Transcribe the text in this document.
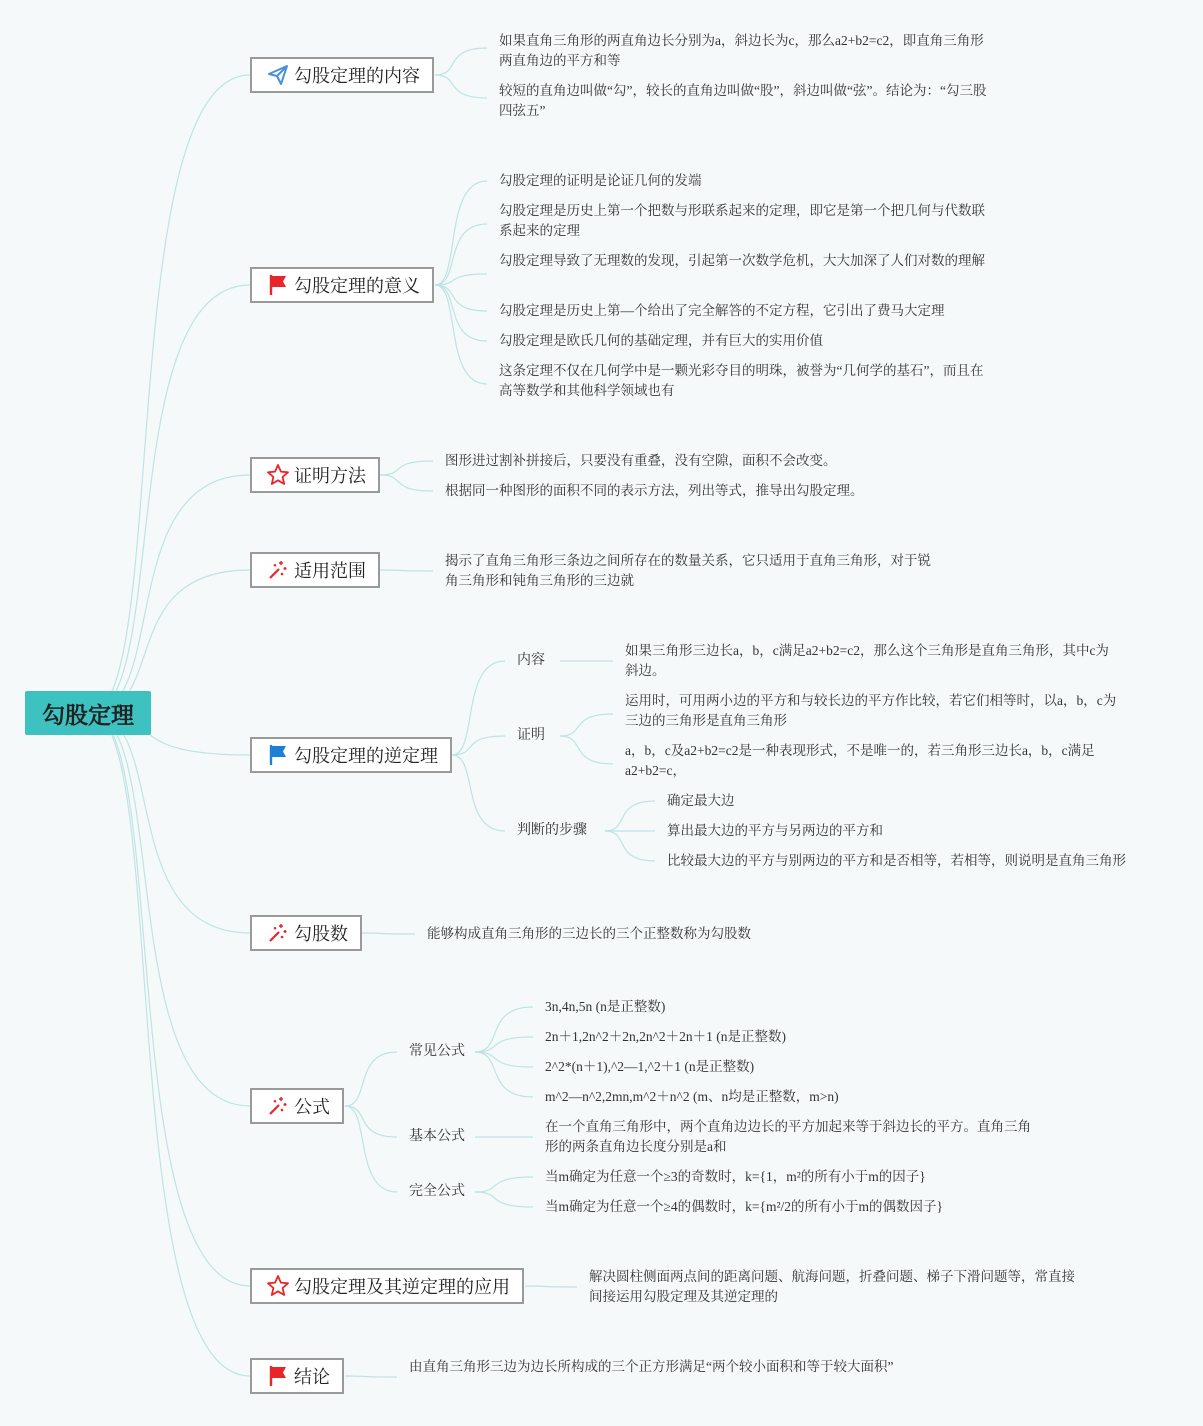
勾股定理
勾股定理的内容
如果直角三角形的两直角边长分别为a，斜边长为c，那么a2+b2=c2，即直角三角形两直角边的平方和等
较短的直角边叫做“勾”，较长的直角边叫做“股”，斜边叫做“弦”。结论为：“勾三股四弦五”
勾股定理的意义
勾股定理的证明是论证几何的发端
勾股定理是历史上第一个把数与形联系起来的定理，即它是第一个把几何与代数联系起来的定理
勾股定理导致了无理数的发现，引起第一次数学危机，大大加深了人们对数的理解
勾股定理是历史上第—个给出了完全解答的不定方程，它引出了费马大定理
勾股定理是欧氏几何的基础定理，并有巨大的实用价值
这条定理不仅在几何学中是一颗光彩夺目的明珠，被誉为“几何学的基石”，而且在高等数学和其他科学领域也有
证明方法
图形进过割补拼接后，只要没有重叠，没有空隙，面积不会改变。
根据同一种图形的面积不同的表示方法，列出等式，推导出勾股定理。
适用范围
揭示了直角三角形三条边之间所存在的数量关系，它只适用于直角三角形，对于锐角三角形和钝角三角形的三边就
勾股定理的逆定理
内容
证明
判断的步骤
如果三角形三边长a，b，c满足a2+b2=c2，那么这个三角形是直角三角形，其中c为斜边。
运用时，可用两小边的平方和与较长边的平方作比较，若它们相等时，以a，b，c为三边的三角形是直角三角形
a，b，c及a2+b2=c2是一种表现形式，不是唯一的，若三角形三边长a，b，c满足a2+b2=c，
确定最大边
算出最大边的平方与另两边的平方和
比较最大边的平方与别两边的平方和是否相等，若相等，则说明是直角三角形
勾股数	能够构成直角三角形的三边长的三个正整数称为勾股数
公式
常见公式
基本公式
完全公式
3n,4n,5n (n是正整数)
2n＋1,2n^2＋2n,2n^2＋2n＋1 (n是正整数)
2^2*(n＋1),^2—1,^2＋1 (n是正整数)
m^2—n^2,2mn,m^2＋n^2 (m、n均是正整数，m>n)
在一个直角三角形中，两个直角边边长的平方加起来等于斜边长的平方。直角三角形的两条直角边长度分别是a和
当m确定为任意一个≥3的奇数时，k={1，m²的所有小于m的因子}
当m确定为任意一个≥4的偶数时，k={m²/2的所有小于m的偶数因子}
勾股定理及其逆定理的应用
解决圆柱侧面两点间的距离问题、航海问题，折叠问题、梯子下滑问题等，常直接间接运用勾股定理及其逆定理的
结论
由直角三角形三边为边长所构成的三个正方形满足“两个较小面积和等于较大面积”
